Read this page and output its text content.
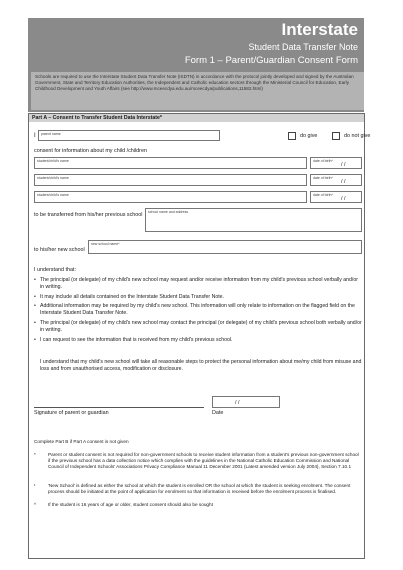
Interstate
Student Data Transfer Note
Form 1 – Parent/Guardian Consent Form
Schools are required to use the Interstate Student Data Transfer Note (ISDTN) in accordance with the protocol jointly developed and signed by the Australian Government, State and Territory Education Authorities, the Independent and Catholic education sectors through the Ministerial Council for Education, Early Childhood Development and Youth Affairs (see http://www.mceecdya.edu.au/mceecdya/publications,11582.html)
Part A – Consent to Transfer Student Data Interstate*
I parent name	do give	do not give
consent for information about my child /children
student/child's name	date of birth^
/ /
student/child's name	date of birth^
/ /
student/child's name	date of birth^
/ /
to be transferred from his/her previous school school name and address
to his/her new school
new school name*
I understand that:
• The principal (or delegate) of my child's new school may request and/or receive information from my child's previous school verbally and/or in writing.
• It may include all details contained on the Interstate Student Data Transfer Note.
• Additional information may be required by my child's new school. This information will only relate to information on the flagged field on the Interstate Student Data Transfer Note.
• The principal (or delegate) of my child's new school may contact the principal (or delegate) of my child's previous school both verbally and/or in writing.
• I can request to see the information that is received from my child's previous school.
I understand that my child's new school will take all reasonable steps to protect the personal information about me/my child from misuse and loss and from unauthorised access, modification or disclosure.
Signature of parent or guardian
/ /
Date
Complete Part B if Part A consent is not given
*	Parent or student consent is not required for non-government schools to receive student information from a student's previous non-government school if the previous school has a data collection notice which complies with the guidelines in the National Catholic Education Commission and National Council of Independent Schools' Associations Privacy Compliance Manual 11 December 2001 (Latest amended version July 2004), Section 7.10.1
¹	'New School' is defined as either the school at which the student is enrolled OR the school at which the student is seeking enrolment. The consent process should be initiated at the point of application for enrolment so that information is received before the enrolment process is finalised.
^	If the student is 16 years of age or older, student consent should also be sought
